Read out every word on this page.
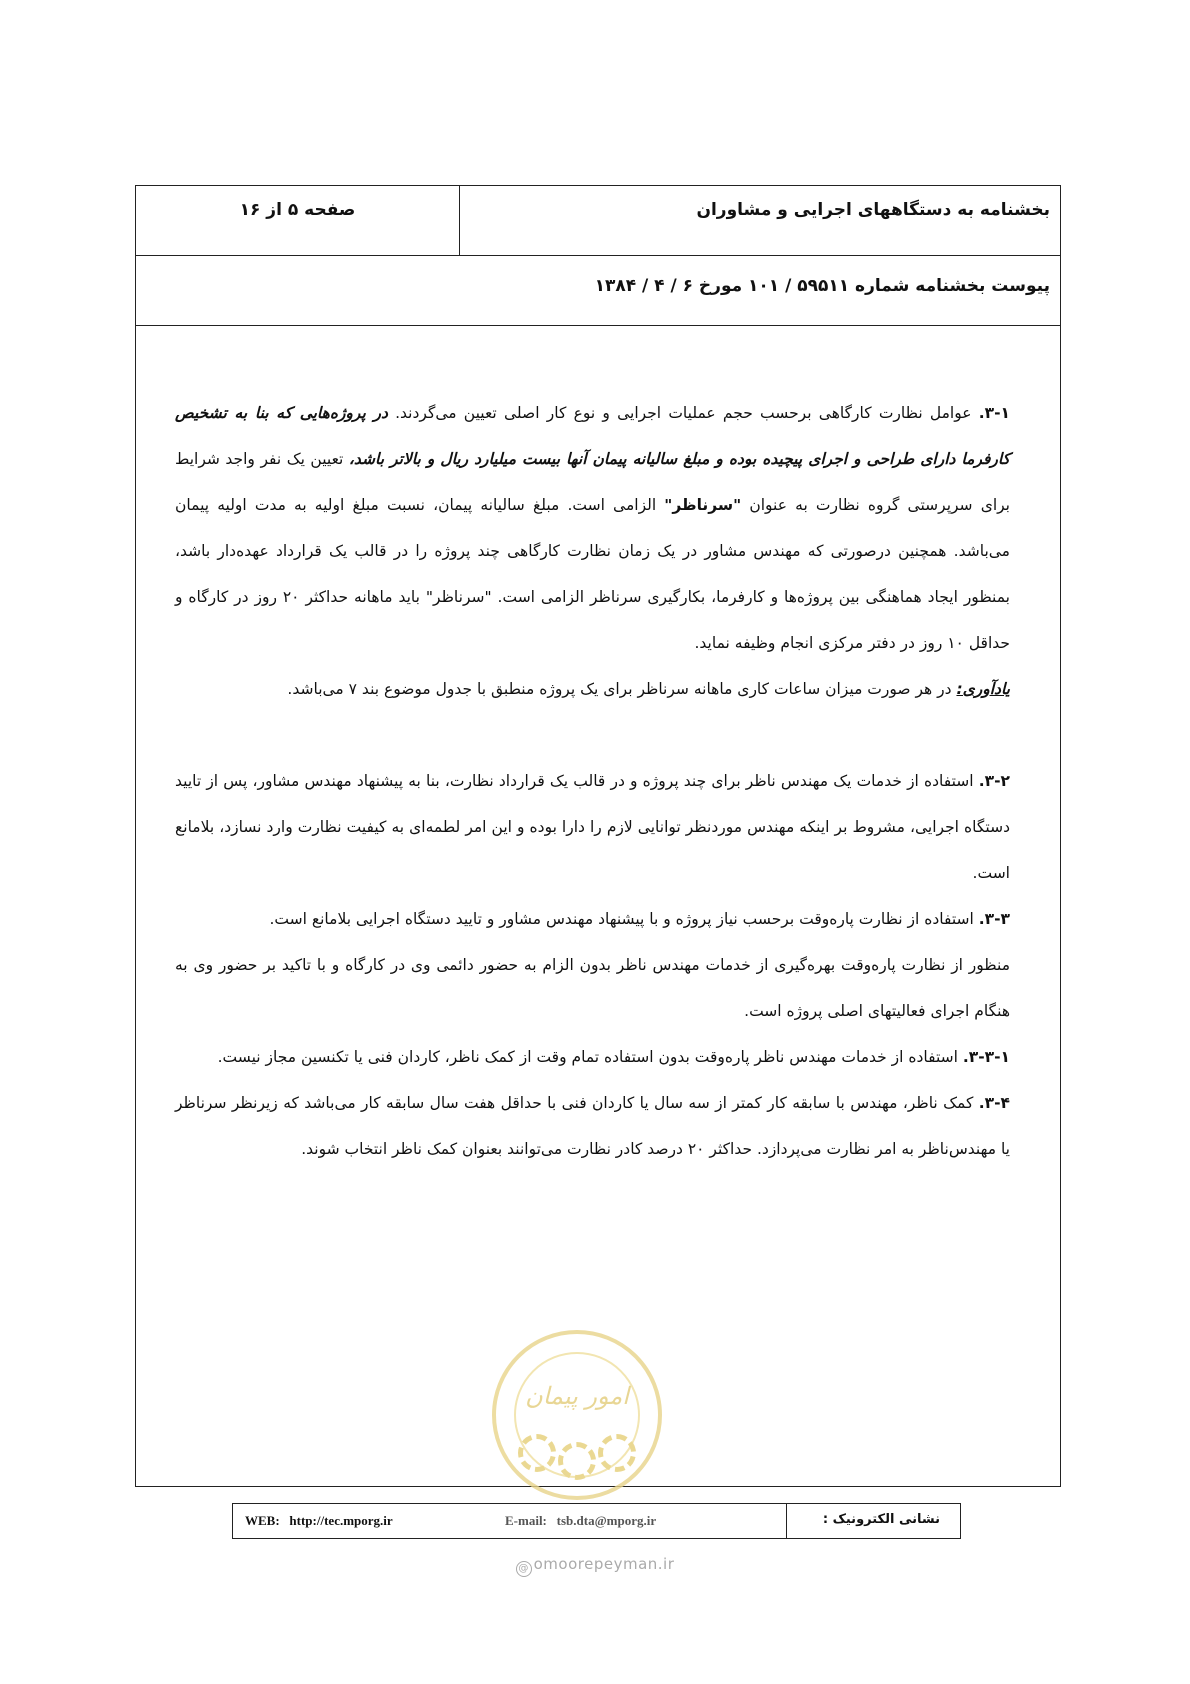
بخشنامه به دستگاههای اجرایی و مشاوران
صفحه ۵ از ۱۶
پیوست بخشنامه شماره ۵۹۵۱۱ / ۱۰۱ مورخ ۶ / ۴ / ۱۳۸۴

۳-۱. عوامل نظارت کارگاهی برحسب حجم عملیات اجرایی و نوع کار اصلی تعیین می‌گردند. در پروژه‌هایی که بنا به تشخیص کارفرما دارای طراحی و اجرای پیچیده بوده و مبلغ سالیانه پیمان آنها بیست میلیارد ریال و بالاتر باشد، تعیین یک نفر واجد شرایط برای سرپرستی گروه نظارت به عنوان "سرناظر" الزامی است. مبلغ سالیانه پیمان، نسبت مبلغ اولیه به مدت اولیه پیمان می‌باشد. همچنین درصورتی که مهندس مشاور در یک زمان نظارت کارگاهی چند پروژه را در قالب یک قرارداد عهده‌دار باشد، بمنظور ایجاد هماهنگی بین پروژه‌ها و کارفرما، بکارگیری سرناظر الزامی است. "سرناظر" باید ماهانه حداکثر ۲۰ روز در کارگاه و حداقل ۱۰ روز در دفتر مرکزی انجام وظیفه نماید.

یادآوری: در هر صورت میزان ساعات کاری ماهانه سرناظر برای یک پروژه منطبق با جدول موضوع بند ۷ می‌باشد.

۳-۲. استفاده از خدمات یک مهندس ناظر برای چند پروژه و در قالب یک قرارداد نظارت، بنا به پیشنهاد مهندس مشاور، پس از تایید دستگاه اجرایی، مشروط بر اینکه مهندس موردنظر توانایی لازم را دارا بوده و این امر لطمه‌ای به کیفیت نظارت وارد نسازد، بلامانع است.

۳-۳. استفاده از نظارت پاره‌وقت برحسب نیاز پروژه و با پیشنهاد مهندس مشاور و تایید دستگاه اجرایی بلامانع است.

منظور از نظارت پاره‌وقت بهره‌گیری از خدمات مهندس ناظر بدون الزام به حضور دائمی وی در کارگاه و با تاکید بر حضور وی به هنگام اجرای فعالیتهای اصلی پروژه است.

۳-۳-۱. استفاده از خدمات مهندس ناظر پاره‌وقت بدون استفاده تمام وقت از کمک ناظر، کاردان فنی یا تکنسین مجاز نیست.

۳-۴. کمک ناظر، مهندس با سابقه کار کمتر از سه سال یا کاردان فنی با حداقل هفت سال سابقه کار می‌باشد که زیرنظر سرناظر یا مهندس‌ناظر به امر نظارت می‌پردازد. حداکثر ۲۰ درصد کادر نظارت می‌توانند بعنوان کمک ناظر انتخاب شوند.

امور پیمان
نشانی الکترونیک :
WEB: http://tec.mporg.ir	E-mail: tsb.dta@mporg.ir
@ omoorepeyman.ir
